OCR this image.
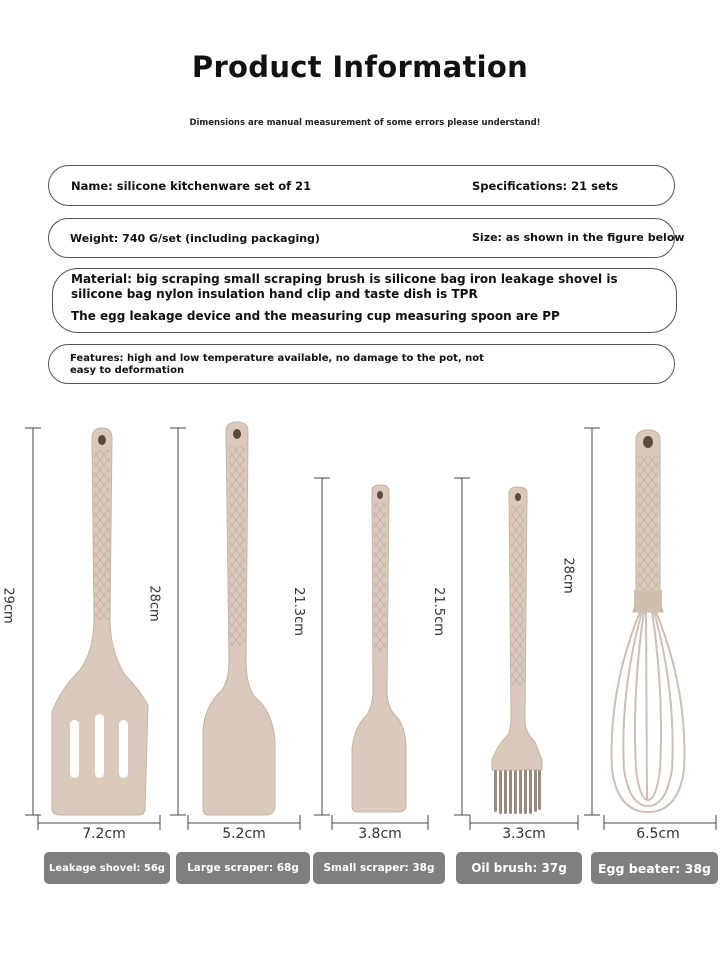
Product Information
Dimensions are manual measurement of some errors please understand!
Name: silicone kitchenware set of 21	Specifications: 21 sets
Weight: 740 G/set (including packaging)	Size: as shown in the figure below
Material: big scraping small scraping brush is silicone bag iron leakage shovel is
silicone bag nylon insulation hand clip and taste dish is TPR
The egg leakage device and the measuring cup measuring spoon are PP
Features: high and low temperature available, no damage to the pot, not
easy to deformation
29cm	28cm	21.3cm	21.5cm
28cm
7.2cm	5.2cm	3.8cm	3.3cm	6.5cm
Leakage shovel: 56g	Large scraper: 68g	Small scraper: 38g	Oil brush: 37g	Egg beater: 38g
